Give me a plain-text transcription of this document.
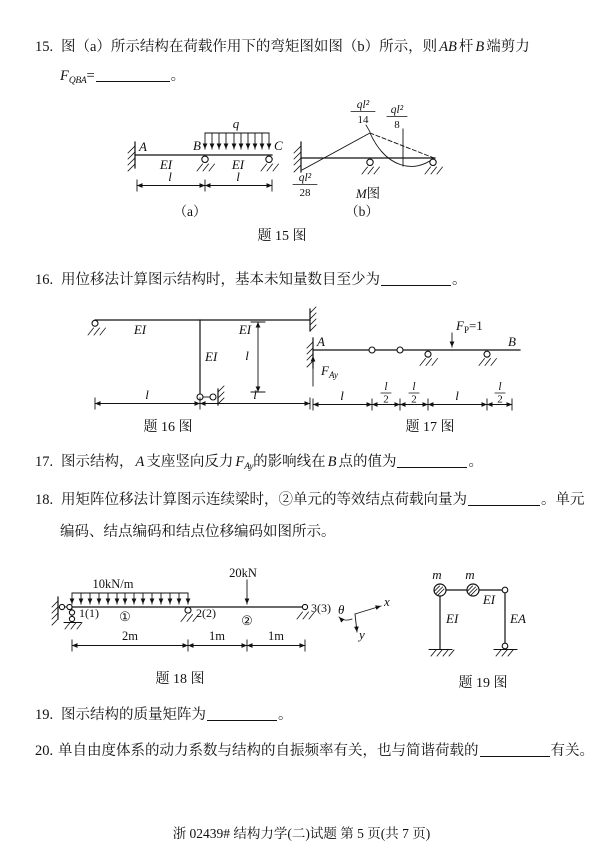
15. 图（a）所示结构在荷载作用下的弯矩图如图（b）所示，则 AB 杆 B 端剪力
$F_{QBA}=$	。
A	B	C
q
EI	EI
l	l
（a）
ql²
14
ql²
8
ql²
28	M图
（b）
题 15 图
16. 用位移法计算图示结构时，基本未知量数目至少为	。
EI	EI
EI l
l	l
题 16 图
A	B
FAy
FP=1
l
l
2
l
2	l
l
2
题 17 图
17. 图示结构， A 支座竖向反力 $F_{Ay}$的影响线在 B 点的值为	。
18. 用矩阵位移法计算图示连续梁时，②单元的等效结点荷载向量为	。单元
编码、结点编码和结点位移编码如图所示。
10kN/m
20kN
1(1) ①	2(2) ②
3(3) θ
x
y
2m	1m	1m
题 18 图
m m
EI
EI	EA
题 19 图
19. 图示结构的质量矩阵为	。
20. 单自由度体系的动力系数与结构的自振频率有关，也与简谐荷载的	有关。
浙 02439# 结构力学(二)试题 第 5 页(共 7 页)
